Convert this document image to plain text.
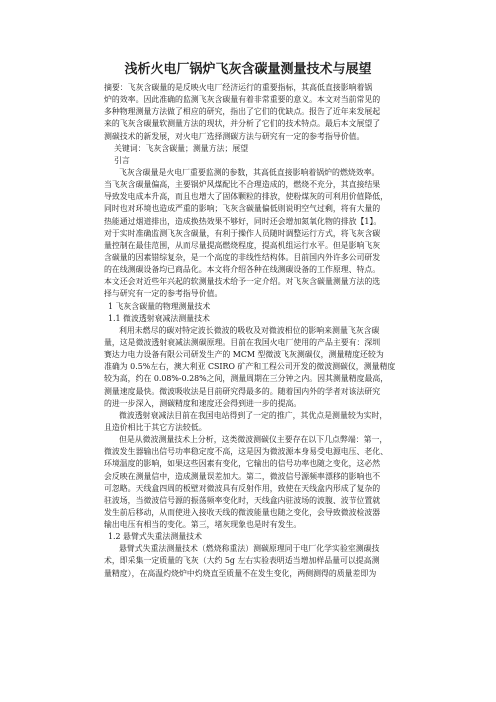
浅析火电厂锅炉飞灰含碳量测量技术与展望
摘要：飞灰含碳量的是反映火电厂经济运行的重要指标，其高低直接影响着锅
炉的效率。因此准确的监测飞灰含碳量有着非常重要的意义。本文对当前常见的
多种物理测量方法做了相应的研究，指出了它们的优缺点。报告了近年来发展起
来的飞灰含碳量软测量方法的现状，并分析了它们的技术特点。最后本文展望了
测碳技术的新发展，对火电厂选择测碳方法与研究有一定的参考指导价值。
关键词：飞灰含碳量；测量方法；展望
引言
飞灰含碳量是火电厂重要监测的参数，其高低直接影响着锅炉的燃烧效率。
当飞灰含碳量偏高，主要锅炉风煤配比不合理造成的，燃烧不充分，其直接结果
导致发电成本升高，而且也增大了固体颗粒的排放，使粉煤灰的可利用价值降低，
同时也对环境也造成严重的影响；飞灰含碳量偏低则说明空气过剩，将有大量的
热能通过烟道排出，造成换热效果不够好，同时还会增加氮氧化物的排放【1】。
对于实时准确监测飞灰含碳量，有利于操作人员随时调整运行方式，将飞灰含碳
量控制在最佳范围，从而尽量提高燃烧程度，提高机组运行水平。但是影响飞灰
含碳量的因素错综复杂，是一个高度的非线性结构体。目前国内外许多公司研发
的在线测碳设备均已商品化。本文将介绍各种在线测碳设备的工作原理、特点。
本文还会对近些年兴起的软测量技术给予一定介绍。对飞灰含碳量测量方法的选
择与研究有一定的参考指导价值。
1 飞灰含碳量的物理测量技术
1.1 微波透射衰减法测量技术
利用未燃尽的碳对特定波长微波的吸收及对微波相位的影响来测量飞灰含碳
量，这是微波透射衰减法测碳原理。目前在我国火电厂使用的产品主要有：深圳
赛达力电力设备有限公司研发生产的 MCM 型微波飞灰测碳仪，测量精度还较为
准确为 0.5%左右，澳大利亚 CSIRO 矿产和工程公司开发的微波测碳仪，测量精度
较为高，约在 0.08%-0.28%之间，测量周期在三分钟之内。因其测量精度最高，
测量速度最快。微波吸收法是目前研究得最多的。随着国内外的学者对该法研究
的进一步深入，测碳精度和速度还会得到进一步的提高。
微波透射衰减法目前在我国电站得到了一定的推广，其优点是测量较为实时，
且造价相比于其它方法较低。
但是从微波测量技术上分析，这类微波测碳仪主要存在以下几点弊端：第一，
微波发生器输出信号功率稳定度不高，这是因为微波源本身易受电源电压、老化、
环境温度的影响，如果这些因素有变化，它输出的信号功率也随之变化，这必然
会反映在测量信中，造成测量误差加大。第二，微波信号源频率漂移的影响也不
可忽略。天线盒四周的板壁对微波具有反射作用，致使在天线盒内形成了复杂的
驻波场，当微波信号源的振荡频率变化时，天线盒内驻波场的波腹、波节位置就
发生前后移动，从而使进入接收天线的微波能量也随之变化，会导致微波检波器
输出电压有相当的变化。第三，堵灰现象也是时有发生。
1.2 悬臂式失重法测量技术
悬臂式失重法测量技术（燃烧称重法）测碳原理同于电厂化学实验室测碳技
术，即采集一定质量的飞灰（大约 5g 左右实验表明适当增加样品量可以提高测
量精度），在高温灼烧炉中灼烧直至质量不在发生变化，两侧测得的质量差即为
